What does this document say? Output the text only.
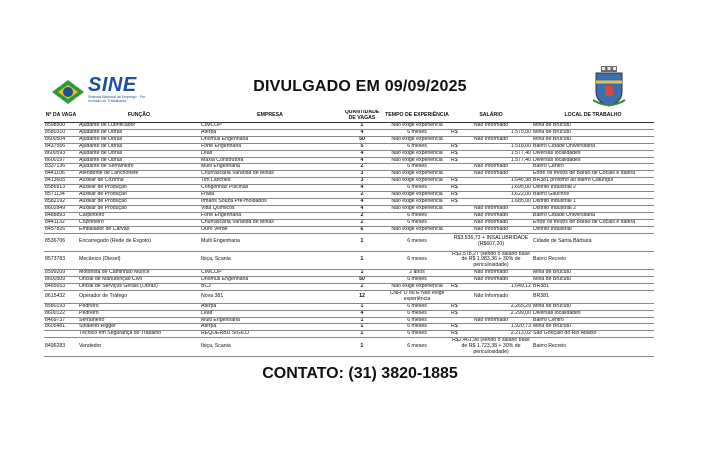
SINE
Sistema Nacional de Emprego · Por Inclusão do Trabalhador
DIVULGADO EM 09/09/2025
Nº DA VAGA	FUNÇÃO	EMPRESA	QUANTIDADE DE VAGAS	TEMPO DE EXPERIÊNCIA	SALÁRIO	LOCAL DE TRABALHO
8598500	Ajudante de Lubrificador	CIMCOP	1	Não exige experiência	Não Informado	Mina de Brucutu
8580310	Ajudante de Obras	Aterpa	4	6 meses	R$ 1.575,00	Mina de Brucutu
8600504	Ajudante de Obras	Dhomus Engenharia	50	Não exige experiência	Não Informado	Mina de Brucutu
8437556	Ajudante de Obras	Forte Engenharia	5	6 meses	R$ 1.518,00	Bairro Cidade Universitária
8600593	Ajudante de Obras	Lealt	4	Não exige experiência	R$ 1.577,40	Diversas localidades
8600197	Ajudante de Obras	Maxia Construtora	4	Não exige experiência	R$ 1.577,40	Diversas localidades
8337136	Ajudante de Serralheiro	Multi Engenharia	2	6 meses	Não Informado	Bairro Centro
8441106	Atendente de Lanchonete	Churrascaria Varanda de Minas	3	Não exige experiência	Não Informado	Entre os trevos de Barão de Cocais e Itabira
8413605	Auxiliar de Cozinha	Tim Lanches	3	Não exige experiência	R$ 1.646,98	BR381 próximo ao bairro Catungui
8586913	Auxiliar de Produção	Congonhas Piscinas	4	6 meses	R$ 1.695,00	Distrito Industrial 2
8571134	Auxiliar de Produção	Fralia	2	Não exige experiência	R$ 1.622,00	Bairro Gaúchos
8582192	Auxiliar de Produção	Irmãos Souza Pré-moldados	4	Não exige experiência	R$ 1.685,00	Distrito Industrial 1
8602849	Auxiliar de Produção	Vitta Químicos	4	Não exige experiência	Não Informado	Distrito Industrial 2
8488893	Carpinteiro	Forte Engenharia	2	6 meses	Não Informado	Bairro Cidade Universitária
8441132	Cozinheiro	Churrascaria Varanda de Minas	2	6 meses	Não Informado	Entre os trevos de Barão de Cocais e Itabira
8457826	Embalador de Carvão	Ouro Verde	6	Não exige experiência	Não Informado	Distrito Industrial
8536706	Encarregado (Rede de Esgoto)	Multi Engenharia	1	6 meses	R$3.536,73 + INSALUBRIDADE (R$607,20)	Cidade de Santa Bárbara
8573783	Mecânico (Diesel)	Ibiça, Scania	1	6 meses	R$2.578,27 (sendo o salário base de R$ 1.983,36 + 30% de periculosidade)	Bairro Recreio
8599209	Motorista de Caminhão Munck	CIMCOP	1	2 anos	Não Informado	Mina de Brucutu
8600509	Oficial de Manutenção Civil	Dhomus Engenharia	50	6 meses	Não Informado	Mina de Brucutu
8465653	Oficial de Serviços Gerais (Obras)	BC2	2	Não exige experiência	R$ 1.649,12	BR381
8615432	Operador de Tráfego	Nova 381	12	CNH: D ou E Não exige experiência	Não Informado	BR381
8580193	Pedreiro	Aterpa	1	6 meses	R$ 2.265,29	Mina de Brucutu
8600122	Pedreiro	Lealt	4	6 meses	R$ 2.299,00	Diversas localidades
8469737	Serralheiro	Multi Engenharia	1	6 meses	Não Informado	Bairro Centro
8605481	Sinaleiro Rigger	Aterpa	1	6 meses	R$ 1.920,73	Mina de Brucutu
	Técnico em Segurança do Trabalho	REQUERBU SIGILO	1	6 meses	R$ 2.213,02	São Gonçalo do Rio Abaixo
8496283	Vendedor	Ibiça, Scania	1	6 meses	R$2.461,98 (sendo o salário base de R$ 1.723,38 + 30% de periculosidade)	Bairro Recreio
CONTATO: (31) 3820-1885
